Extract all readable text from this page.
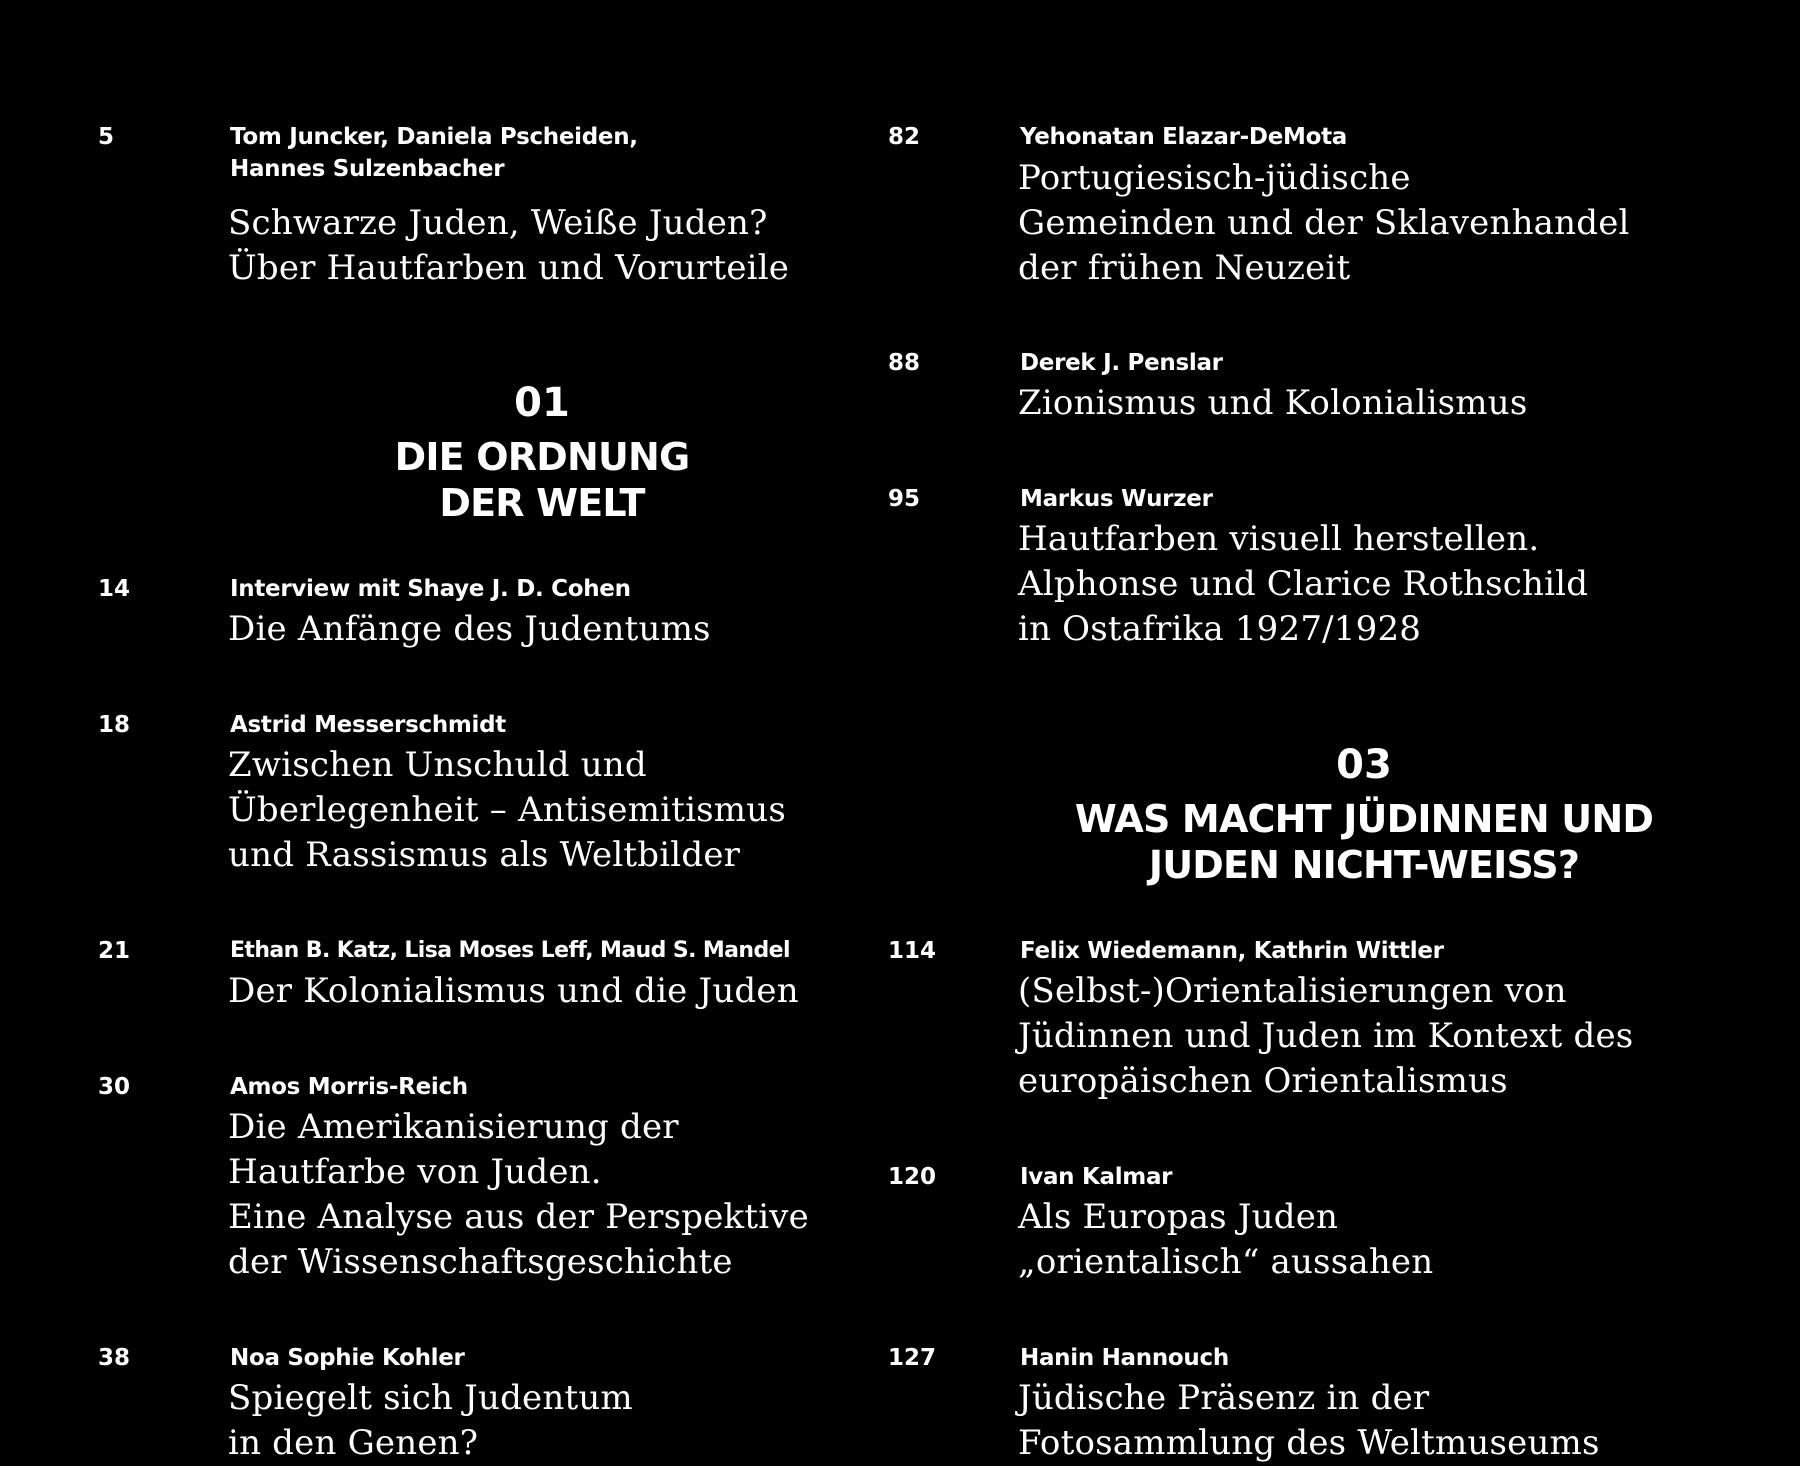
5	Tom Juncker, Daniela Pscheiden,
Hannes Sulzenbacher
Schwarze Juden, Weiße Juden?
Über Hautfarben und Vorurteile
01
DIE ORDNUNG
DER WELT
14	Interview mit Shaye J. D. Cohen
Die Anfänge des Judentums
18	Astrid Messerschmidt
Zwischen Unschuld und
Überlegenheit – Antisemitismus
und Rassismus als Weltbilder
21	Ethan B. Katz, Lisa Moses Leff, Maud S. Mandel
Der Kolonialismus und die Juden
30	Amos Morris-Reich
Die Amerikanisierung der
Hautfarbe von Juden.
Eine Analyse aus der Perspektive
der Wissenschaftsgeschichte
38	Noa Sophie Kohler
Spiegelt sich Judentum
in den Genen?
82	Yehonatan Elazar-DeMota
Portugiesisch-jüdische
Gemeinden und der Sklavenhandel
der frühen Neuzeit
88	Derek J. Penslar
Zionismus und Kolonialismus
95	Markus Wurzer
Hautfarben visuell herstellen.
Alphonse und Clarice Rothschild
in Ostafrika 1927/1928
03
WAS MACHT JÜDINNEN UND
JUDEN NICHT-WEISS?
114	Felix Wiedemann, Kathrin Wittler
(Selbst-)Orientalisierungen von
Jüdinnen und Juden im Kontext des
europäischen Orientalismus
120	Ivan Kalmar
Als Europas Juden
„orientalisch“ aussahen
127	Hanin Hannouch
Jüdische Präsenz in der
Fotosammlung des Weltmuseums
